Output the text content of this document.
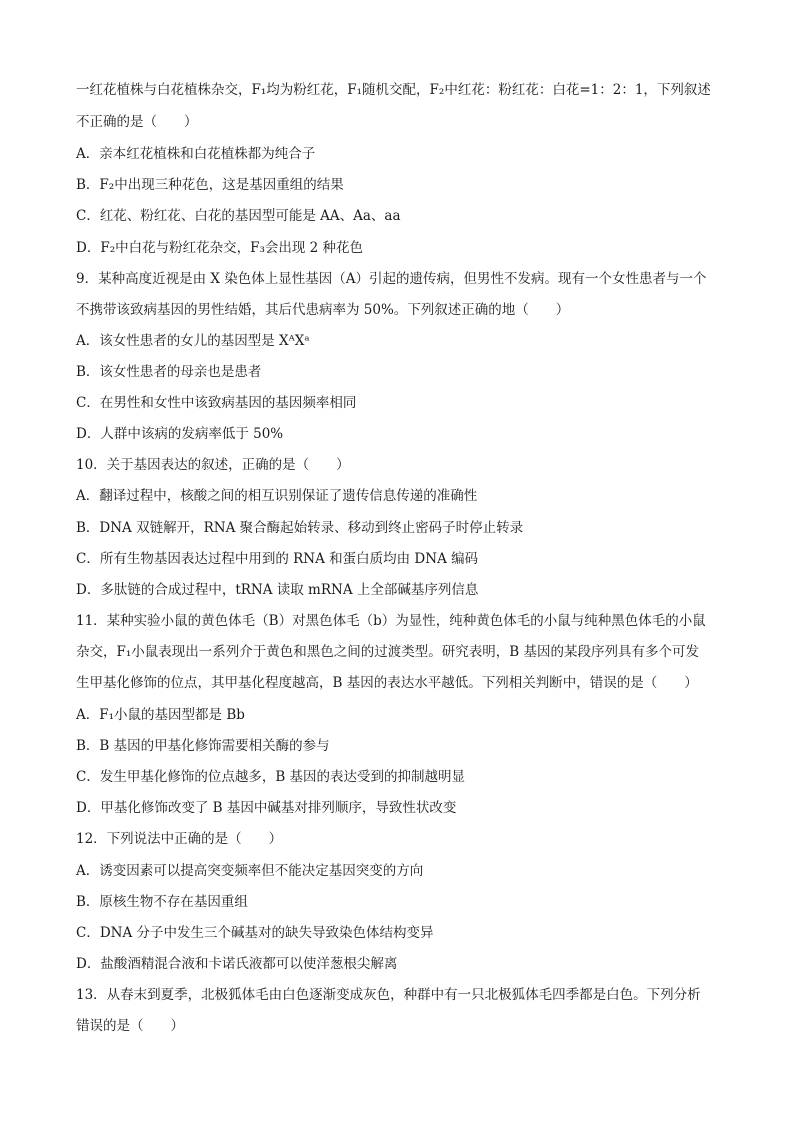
一红花植株与白花植株杂交，F₁均为粉红花，F₁随机交配，F₂中红花：粉红花：白花=1：2：1，下列叙述
不正确的是（　　）
A．亲本红花植株和白花植株都为纯合子
B．F₂中出现三种花色，这是基因重组的结果
C．红花、粉红花、白花的基因型可能是 AA、Aa、aa
D．F₂中白花与粉红花杂交，F₃会出现 2 种花色
9．某种高度近视是由 X 染色体上显性基因（A）引起的遗传病，但男性不发病。现有一个女性患者与一个
不携带该致病基因的男性结婚，其后代患病率为 50%。下列叙述正确的地（　　）
A．该女性患者的女儿的基因型是 XᴬXᵃ
B．该女性患者的母亲也是患者
C．在男性和女性中该致病基因的基因频率相同
D．人群中该病的发病率低于 50%
10．关于基因表达的叙述，正确的是（　　）
A．翻译过程中，核酸之间的相互识别保证了遗传信息传递的准确性
B．DNA 双链解开，RNA 聚合酶起始转录、移动到终止密码子时停止转录
C．所有生物基因表达过程中用到的 RNA 和蛋白质均由 DNA 编码
D．多肽链的合成过程中，tRNA 读取 mRNA 上全部碱基序列信息
11．某种实验小鼠的黄色体毛（B）对黑色体毛（b）为显性，纯种黄色体毛的小鼠与纯种黑色体毛的小鼠
杂交，F₁小鼠表现出一系列介于黄色和黑色之间的过渡类型。研究表明，B 基因的某段序列具有多个可发
生甲基化修饰的位点，其甲基化程度越高，B 基因的表达水平越低。下列相关判断中，错误的是（　　）
A．F₁小鼠的基因型都是 Bb
B．B 基因的甲基化修饰需要相关酶的参与
C．发生甲基化修饰的位点越多，B 基因的表达受到的抑制越明显
D．甲基化修饰改变了 B 基因中碱基对排列顺序，导致性状改变
12．下列说法中正确的是（　　）
A．诱变因素可以提高突变频率但不能决定基因突变的方向
B．原核生物不存在基因重组
C．DNA 分子中发生三个碱基对的缺失导致染色体结构变异
D．盐酸酒精混合液和卡诺氏液都可以使洋葱根尖解离
13．从春末到夏季，北极狐体毛由白色逐渐变成灰色，种群中有一只北极狐体毛四季都是白色。下列分析
错误的是（　　）
